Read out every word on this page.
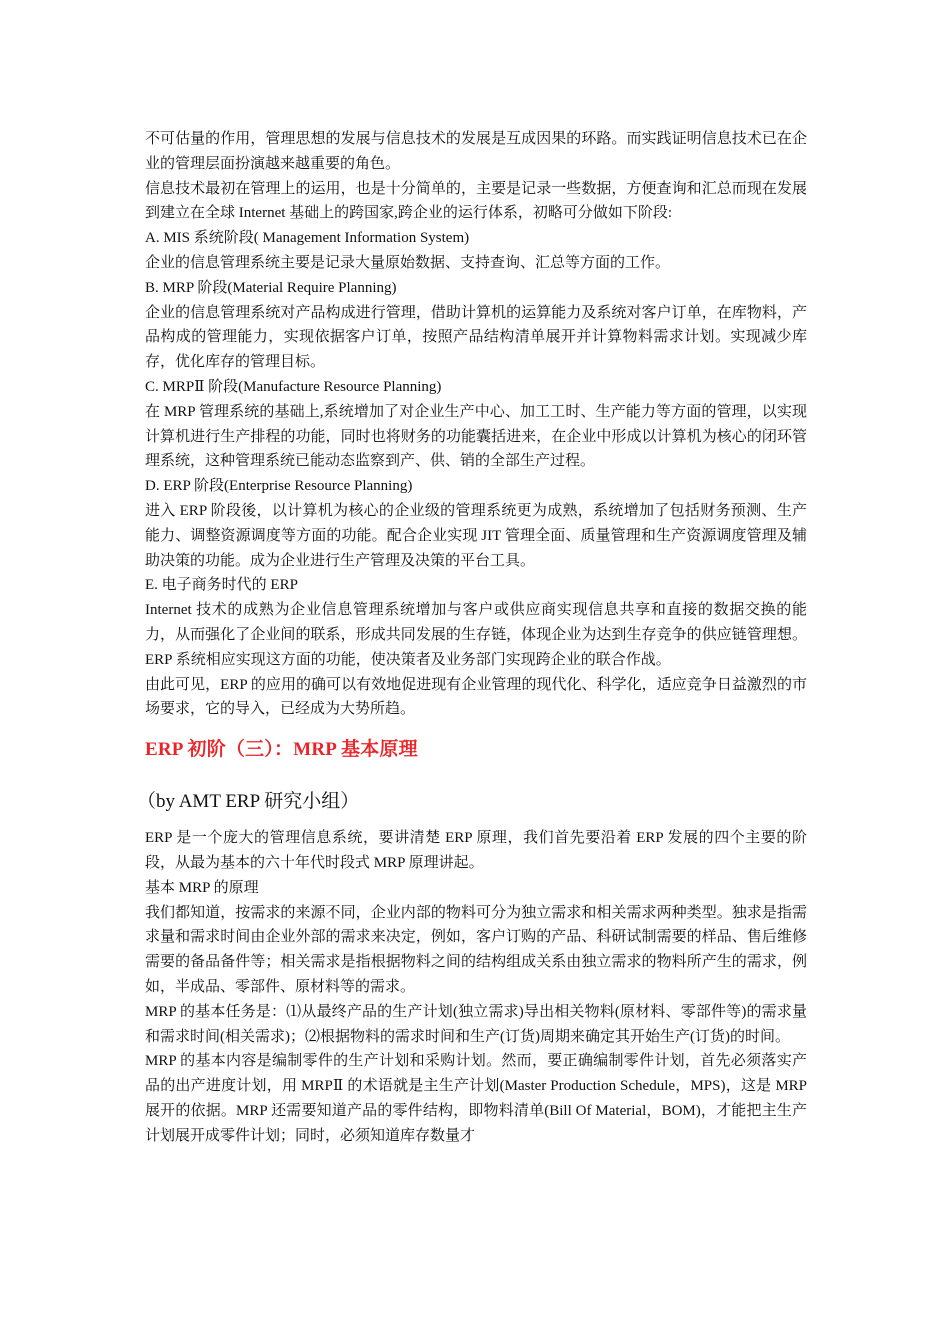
不可估量的作用，管理思想的发展与信息技术的发展是互成因果的环路。而实践证明信息技术已在企业的管理层面扮演越来越重要的角色。

信息技术最初在管理上的运用，也是十分简单的，主要是记录一些数据，方便查询和汇总而现在发展到建立在全球 Internet 基础上的跨国家,跨企业的运行体系，初略可分做如下阶段:

A. MIS 系统阶段( Management Information System)

企业的信息管理系统主要是记录大量原始数据、支持查询、汇总等方面的工作。

B. MRP 阶段(Material Require Planning)

企业的信息管理系统对产品构成进行管理，借助计算机的运算能力及系统对客户订单，在库物料，产品构成的管理能力，实现依据客户订单，按照产品结构清单展开并计算物料需求计划。实现减少库存，优化库存的管理目标。

C. MRPⅡ 阶段(Manufacture Resource Planning)

在 MRP 管理系统的基础上,系统增加了对企业生产中心、加工工时、生产能力等方面的管理，以实现计算机进行生产排程的功能，同时也将财务的功能囊括进来，在企业中形成以计算机为核心的闭环管理系统，这种管理系统已能动态监察到产、供、销的全部生产过程。

D. ERP 阶段(Enterprise Resource Planning)

进入 ERP 阶段後，以计算机为核心的企业级的管理系统更为成熟，系统增加了包括财务预测、生产能力、调整资源调度等方面的功能。配合企业实现 JIT 管理全面、质量管理和生产资源调度管理及辅助决策的功能。成为企业进行生产管理及决策的平台工具。

E. 电子商务时代的 ERP

Internet 技术的成熟为企业信息管理系统增加与客户或供应商实现信息共享和直接的数据交换的能力，从而强化了企业间的联系，形成共同发展的生存链，体现企业为达到生存竞争的供应链管理想。ERP 系统相应实现这方面的功能，使决策者及业务部门实现跨企业的联合作战。

由此可见，ERP 的应用的确可以有效地促进现有企业管理的现代化、科学化，适应竞争日益激烈的市场要求，它的导入，已经成为大势所趋。

ERP 初阶（三）：MRP 基本原理
（by AMT ERP 研究小组）

ERP 是一个庞大的管理信息系统，要讲清楚 ERP 原理，我们首先要沿着 ERP 发展的四个主要的阶段，从最为基本的六十年代时段式 MRP 原理讲起。

基本 MRP 的原理

我们都知道，按需求的来源不同，企业内部的物料可分为独立需求和相关需求两种类型。独求是指需求量和需求时间由企业外部的需求来决定，例如，客户订购的产品、科研试制需要的样品、售后维修需要的备品备件等；相关需求是指根据物料之间的结构组成关系由独立需求的物料所产生的需求，例如，半成品、零部件、原材料等的需求。

MRP 的基本任务是：⑴从最终产品的生产计划(独立需求)导出相关物料(原材料、零部件等)的需求量和需求时间(相关需求)；⑵根据物料的需求时间和生产(订货)周期来确定其开始生产(订货)的时间。

MRP 的基本内容是编制零件的生产计划和采购计划。然而，要正确编制零件计划，首先必须落实产品的出产进度计划，用 MRPⅡ 的术语就是主生产计划(Master Production Schedule，MPS)，这是 MRP 展开的依据。MRP 还需要知道产品的零件结构，即物料清单(Bill Of Material，BOM)，才能把主生产计划展开成零件计划；同时，必须知道库存数量才
